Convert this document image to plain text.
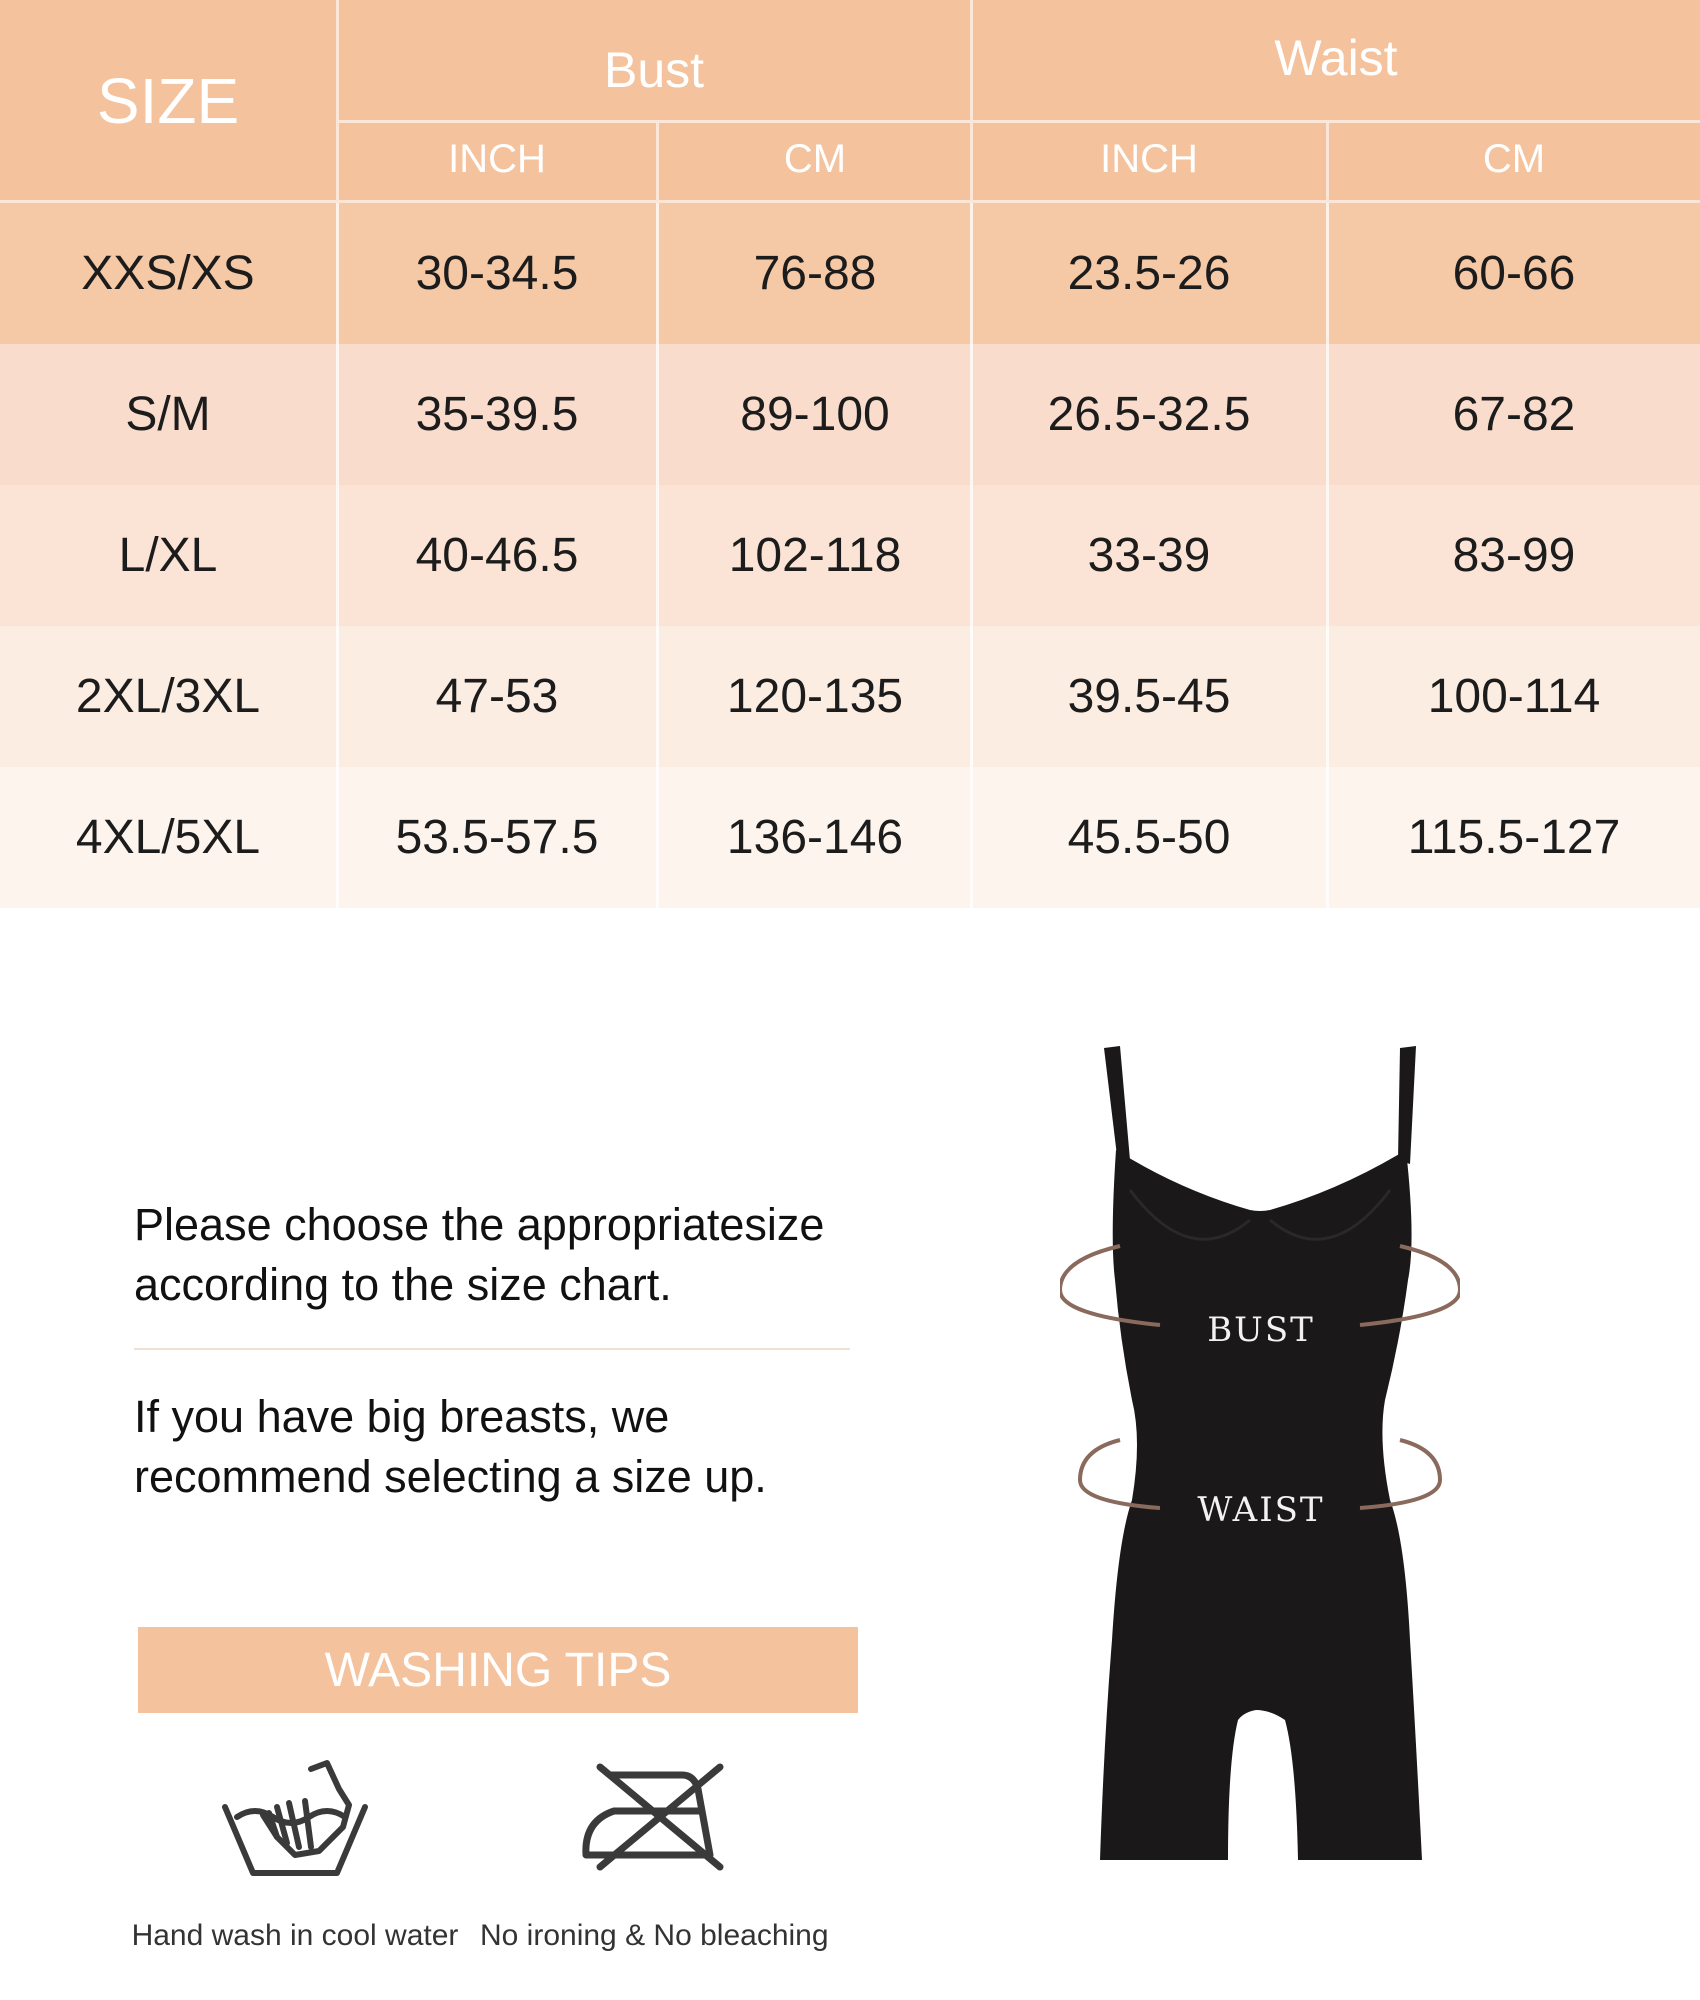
SIZE	Bust	Waist
INCH	CM	INCH	CM
XXS/XS	30-34.5	76-88	23.5-26	60-66
S/M	35-39.5	89-100	26.5-32.5	67-82
L/XL	40-46.5	102-118	33-39	83-99
2XL/3XL	47-53	120-135	39.5-45	100-114
4XL/5XL	53.5-57.5	136-146	45.5-50	115.5-127

Please choose the appropriatesize according to the size chart.

If you have big breasts, we recommend selecting a size up.

WASHING TIPS
Hand wash in cool water No ironing & No bleaching
BUST
WAIST
